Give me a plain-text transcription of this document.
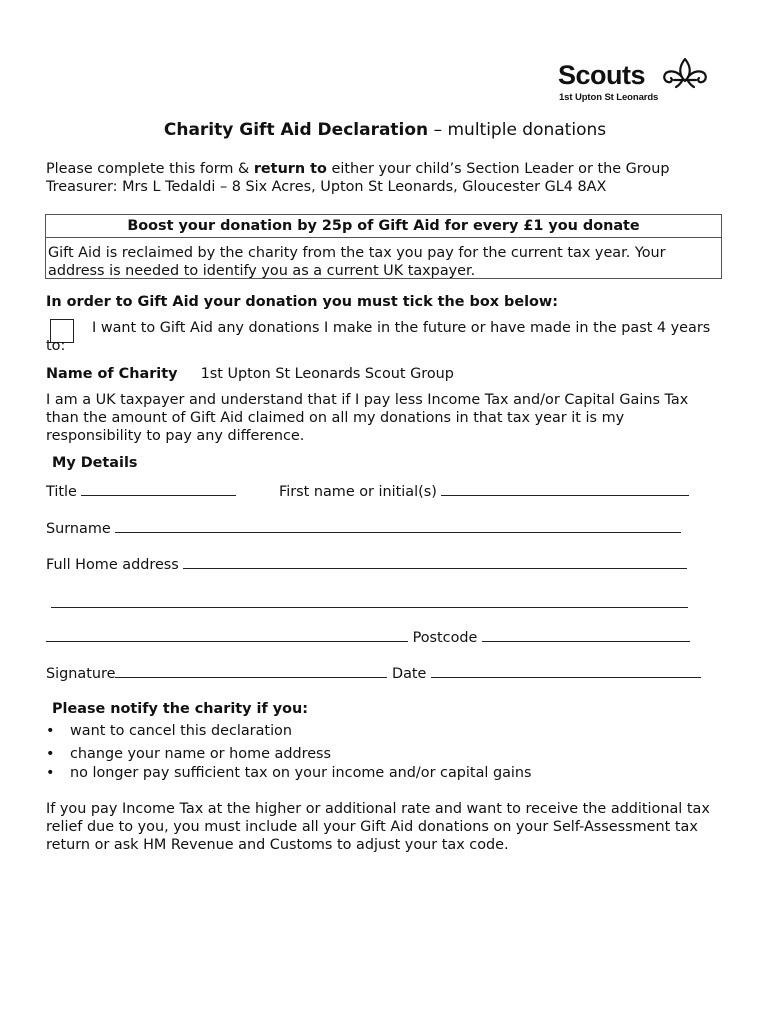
Scouts
1st Upton St Leonards
Charity Gift Aid Declaration – multiple donations
Please complete this form & return to either your child’s Section Leader or the Group Treasurer: Mrs L Tedaldi – 8 Six Acres, Upton St Leonards, Gloucester GL4 8AX
Boost your donation by 25p of Gift Aid for every £1 you donate
Gift Aid is reclaimed by the charity from the tax you pay for the current tax year. Your address is needed to identify you as a current UK taxpayer.
In order to Gift Aid your donation you must tick the box below:
I want to Gift Aid any donations I make in the future or have made in the past 4 years to:
Name of Charity 1st Upton St Leonards Scout Group
I am a UK taxpayer and understand that if I pay less Income Tax and/or Capital Gains Tax than the amount of Gift Aid claimed on all my donations in that tax year it is my responsibility to pay any difference.
My Details
Title	First name or initial(s)
Surname
Full Home address
Postcode
Signature	Date
Please notify the charity if you:
• want to cancel this declaration
• change your name or home address
• no longer pay sufficient tax on your income and/or capital gains
If you pay Income Tax at the higher or additional rate and want to receive the additional tax relief due to you, you must include all your Gift Aid donations on your Self-Assessment tax return or ask HM Revenue and Customs to adjust your tax code.
